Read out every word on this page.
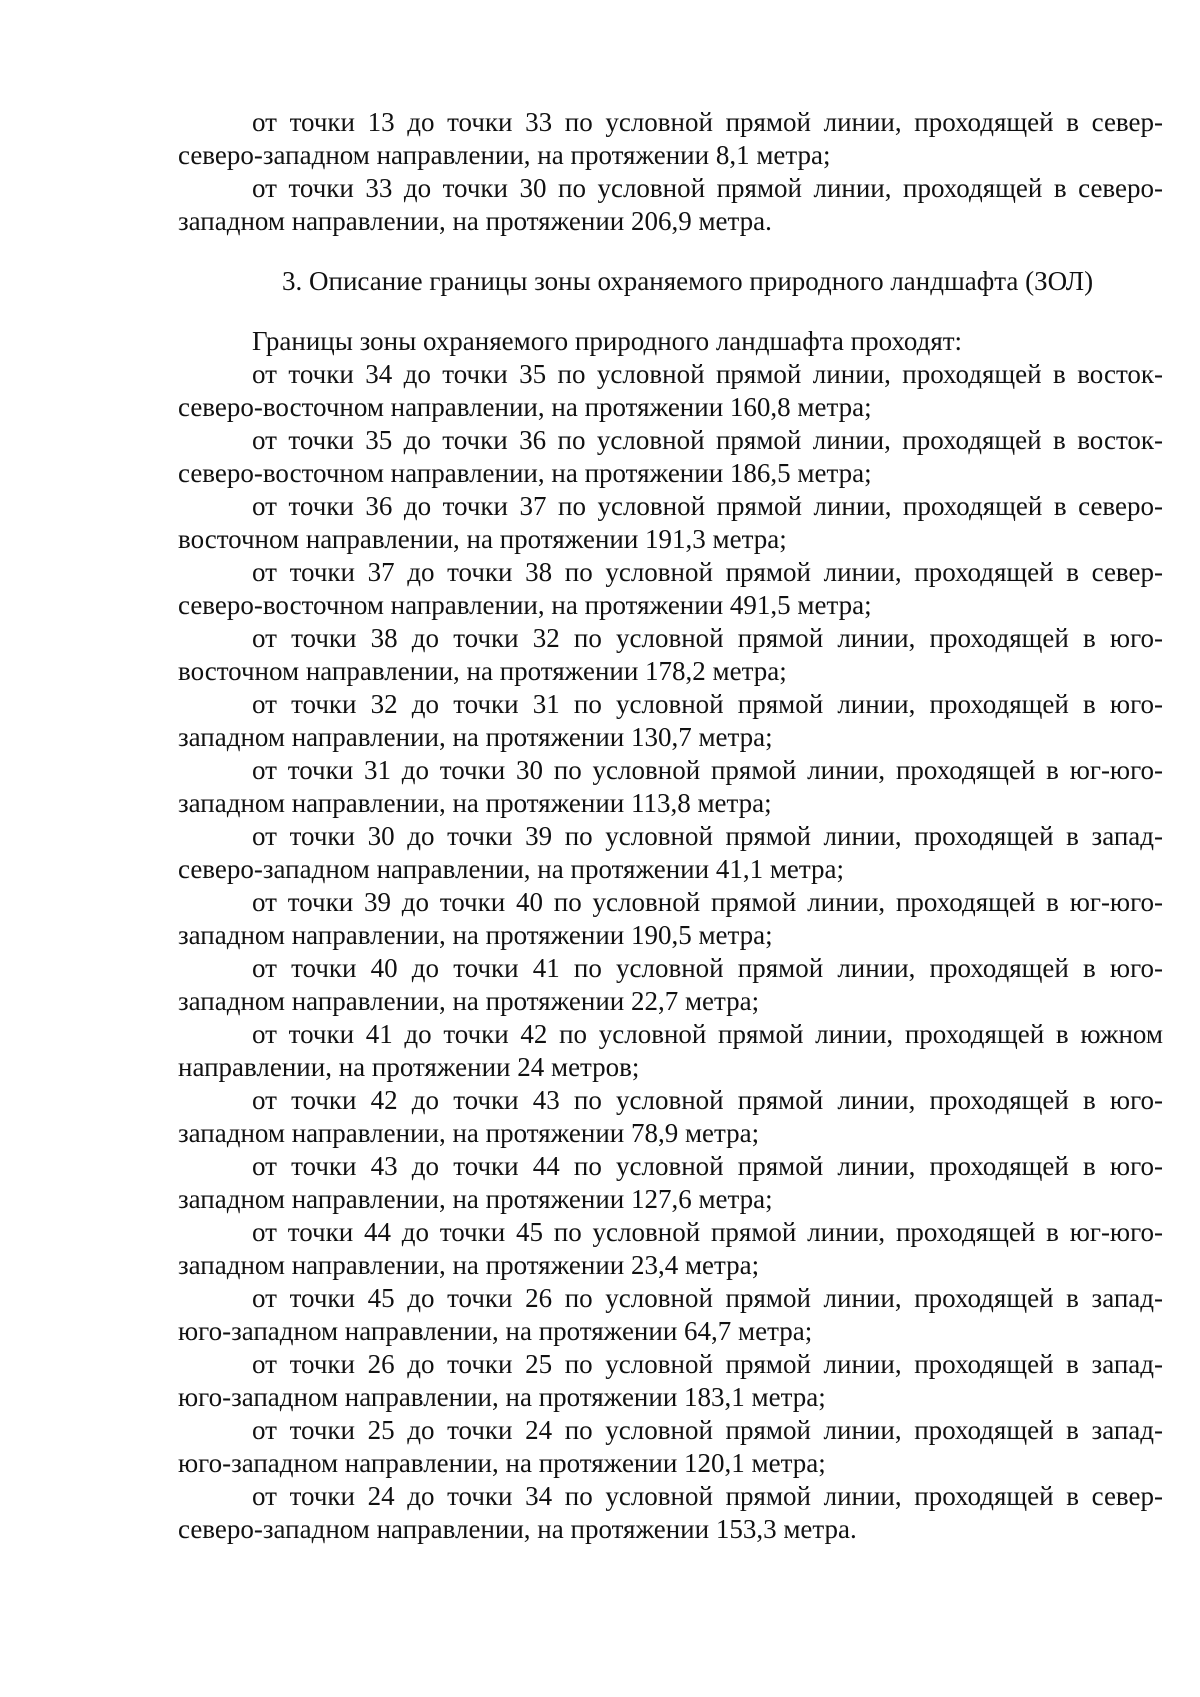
от точки 13 до точки 33 по условной прямой линии, проходящей в север-
северо-западном направлении, на протяжении 8,1 метра;

от точки 33 до точки 30 по условной прямой линии, проходящей в северо-
западном направлении, на протяжении 206,9 метра.

3. Описание границы зоны охраняемого природного ландшафта (ЗОЛ)

Границы зоны охраняемого природного ландшафта проходят:

от точки 34 до точки 35 по условной прямой линии, проходящей в восток-
северо-восточном направлении, на протяжении 160,8 метра;

от точки 35 до точки 36 по условной прямой линии, проходящей в восток-
северо-восточном направлении, на протяжении 186,5 метра;

от точки 36 до точки 37 по условной прямой линии, проходящей в северо-
восточном направлении, на протяжении 191,3 метра;

от точки 37 до точки 38 по условной прямой линии, проходящей в север-
северо-восточном направлении, на протяжении 491,5 метра;

от точки 38 до точки 32 по условной прямой линии, проходящей в юго-
восточном направлении, на протяжении 178,2 метра;

от точки 32 до точки 31 по условной прямой линии, проходящей в юго-
западном направлении, на протяжении 130,7 метра;

от точки 31 до точки 30 по условной прямой линии, проходящей в юг-юго-
западном направлении, на протяжении 113,8 метра;

от точки 30 до точки 39 по условной прямой линии, проходящей в запад-
северо-западном направлении, на протяжении 41,1 метра;

от точки 39 до точки 40 по условной прямой линии, проходящей в юг-юго-
западном направлении, на протяжении 190,5 метра;

от точки 40 до точки 41 по условной прямой линии, проходящей в юго-
западном направлении, на протяжении 22,7 метра;

от точки 41 до точки 42 по условной прямой линии, проходящей в южном
направлении, на протяжении 24 метров;

от точки 42 до точки 43 по условной прямой линии, проходящей в юго-
западном направлении, на протяжении 78,9 метра;

от точки 43 до точки 44 по условной прямой линии, проходящей в юго-
западном направлении, на протяжении 127,6 метра;

от точки 44 до точки 45 по условной прямой линии, проходящей в юг-юго-
западном направлении, на протяжении 23,4 метра;

от точки 45 до точки 26 по условной прямой линии, проходящей в запад-
юго-западном направлении, на протяжении 64,7 метра;

от точки 26 до точки 25 по условной прямой линии, проходящей в запад-
юго-западном направлении, на протяжении 183,1 метра;

от точки 25 до точки 24 по условной прямой линии, проходящей в запад-
юго-западном направлении, на протяжении 120,1 метра;

от точки 24 до точки 34 по условной прямой линии, проходящей в север-
северо-западном направлении, на протяжении 153,3 метра.
